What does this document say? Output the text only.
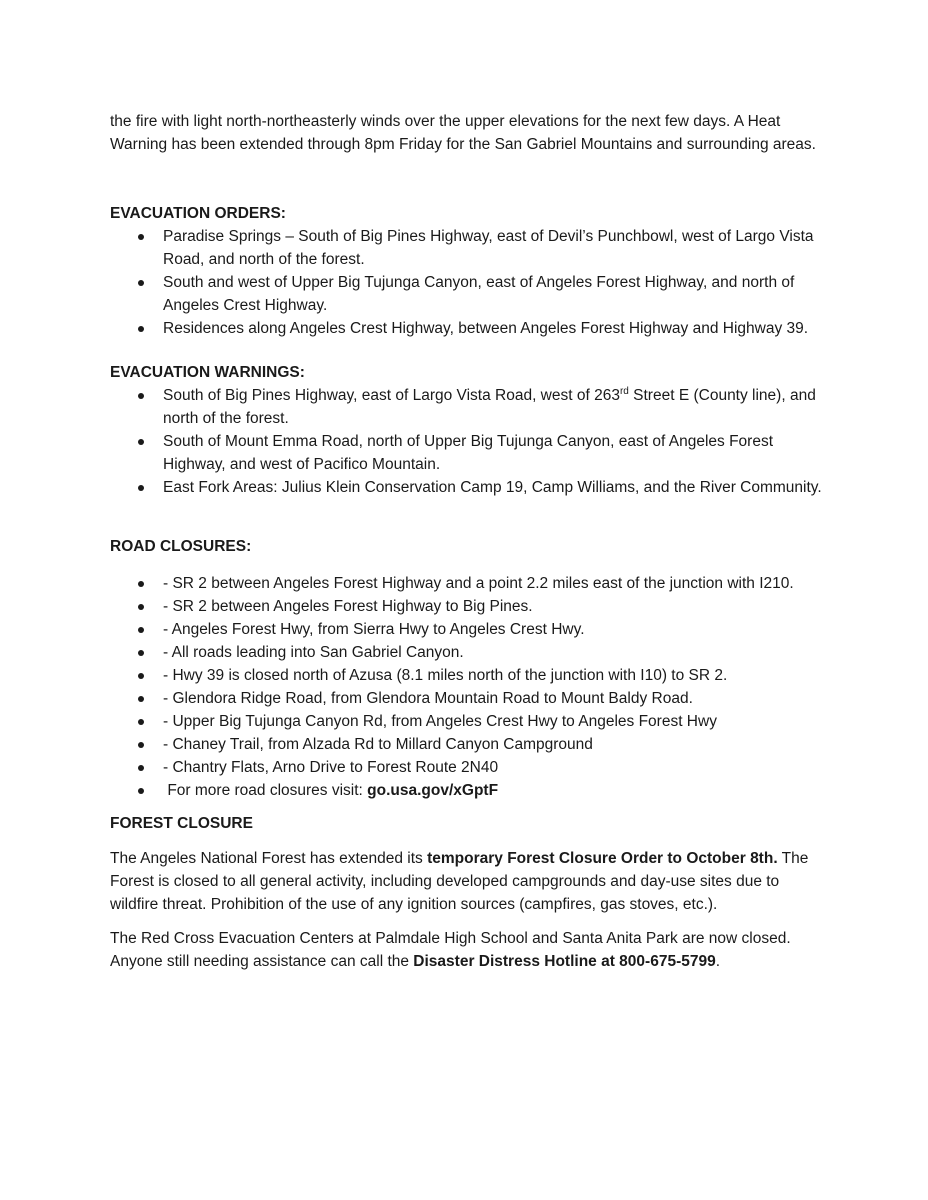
the fire with light north-northeasterly winds over the upper elevations for the next few days. A Heat Warning has been extended through 8pm Friday for the San Gabriel Mountains and surrounding areas.

EVACUATION ORDERS:

Paradise Springs – South of Big Pines Highway, east of Devil’s Punchbowl, west of Largo Vista Road, and north of the forest.
South and west of Upper Big Tujunga Canyon, east of Angeles Forest Highway, and north of Angeles Crest Highway.
Residences along Angeles Crest Highway, between Angeles Forest Highway and Highway 39.

EVACUATION WARNINGS:

South of Big Pines Highway, east of Largo Vista Road, west of 263rd Street E (County line), and north of the forest.
South of Mount Emma Road, north of Upper Big Tujunga Canyon, east of Angeles Forest Highway, and west of Pacifico Mountain.
East Fork Areas: Julius Klein Conservation Camp 19, Camp Williams, and the River Community.

ROAD CLOSURES:

- SR 2 between Angeles Forest Highway and a point 2.2 miles east of the junction with I210.
- SR 2 between Angeles Forest Highway to Big Pines.
- Angeles Forest Hwy, from Sierra Hwy to Angeles Crest Hwy.
- All roads leading into San Gabriel Canyon.
- Hwy 39 is closed north of Azusa (8.1 miles north of the junction with I10) to SR 2.
- Glendora Ridge Road, from Glendora Mountain Road to Mount Baldy Road.
- Upper Big Tujunga Canyon Rd, from Angeles Crest Hwy to Angeles Forest Hwy
- Chaney Trail, from Alzada Rd to Millard Canyon Campground
- Chantry Flats, Arno Drive to Forest Route 2N40
For more road closures visit: go.usa.gov/xGptF

FOREST CLOSURE

The Angeles National Forest has extended its temporary Forest Closure Order to October 8th. The Forest is closed to all general activity, including developed campgrounds and day-use sites due to wildfire threat. Prohibition of the use of any ignition sources (campfires, gas stoves, etc.).

The Red Cross Evacuation Centers at Palmdale High School and Santa Anita Park are now closed. Anyone still needing assistance can call the Disaster Distress Hotline at 800-675-5799.
